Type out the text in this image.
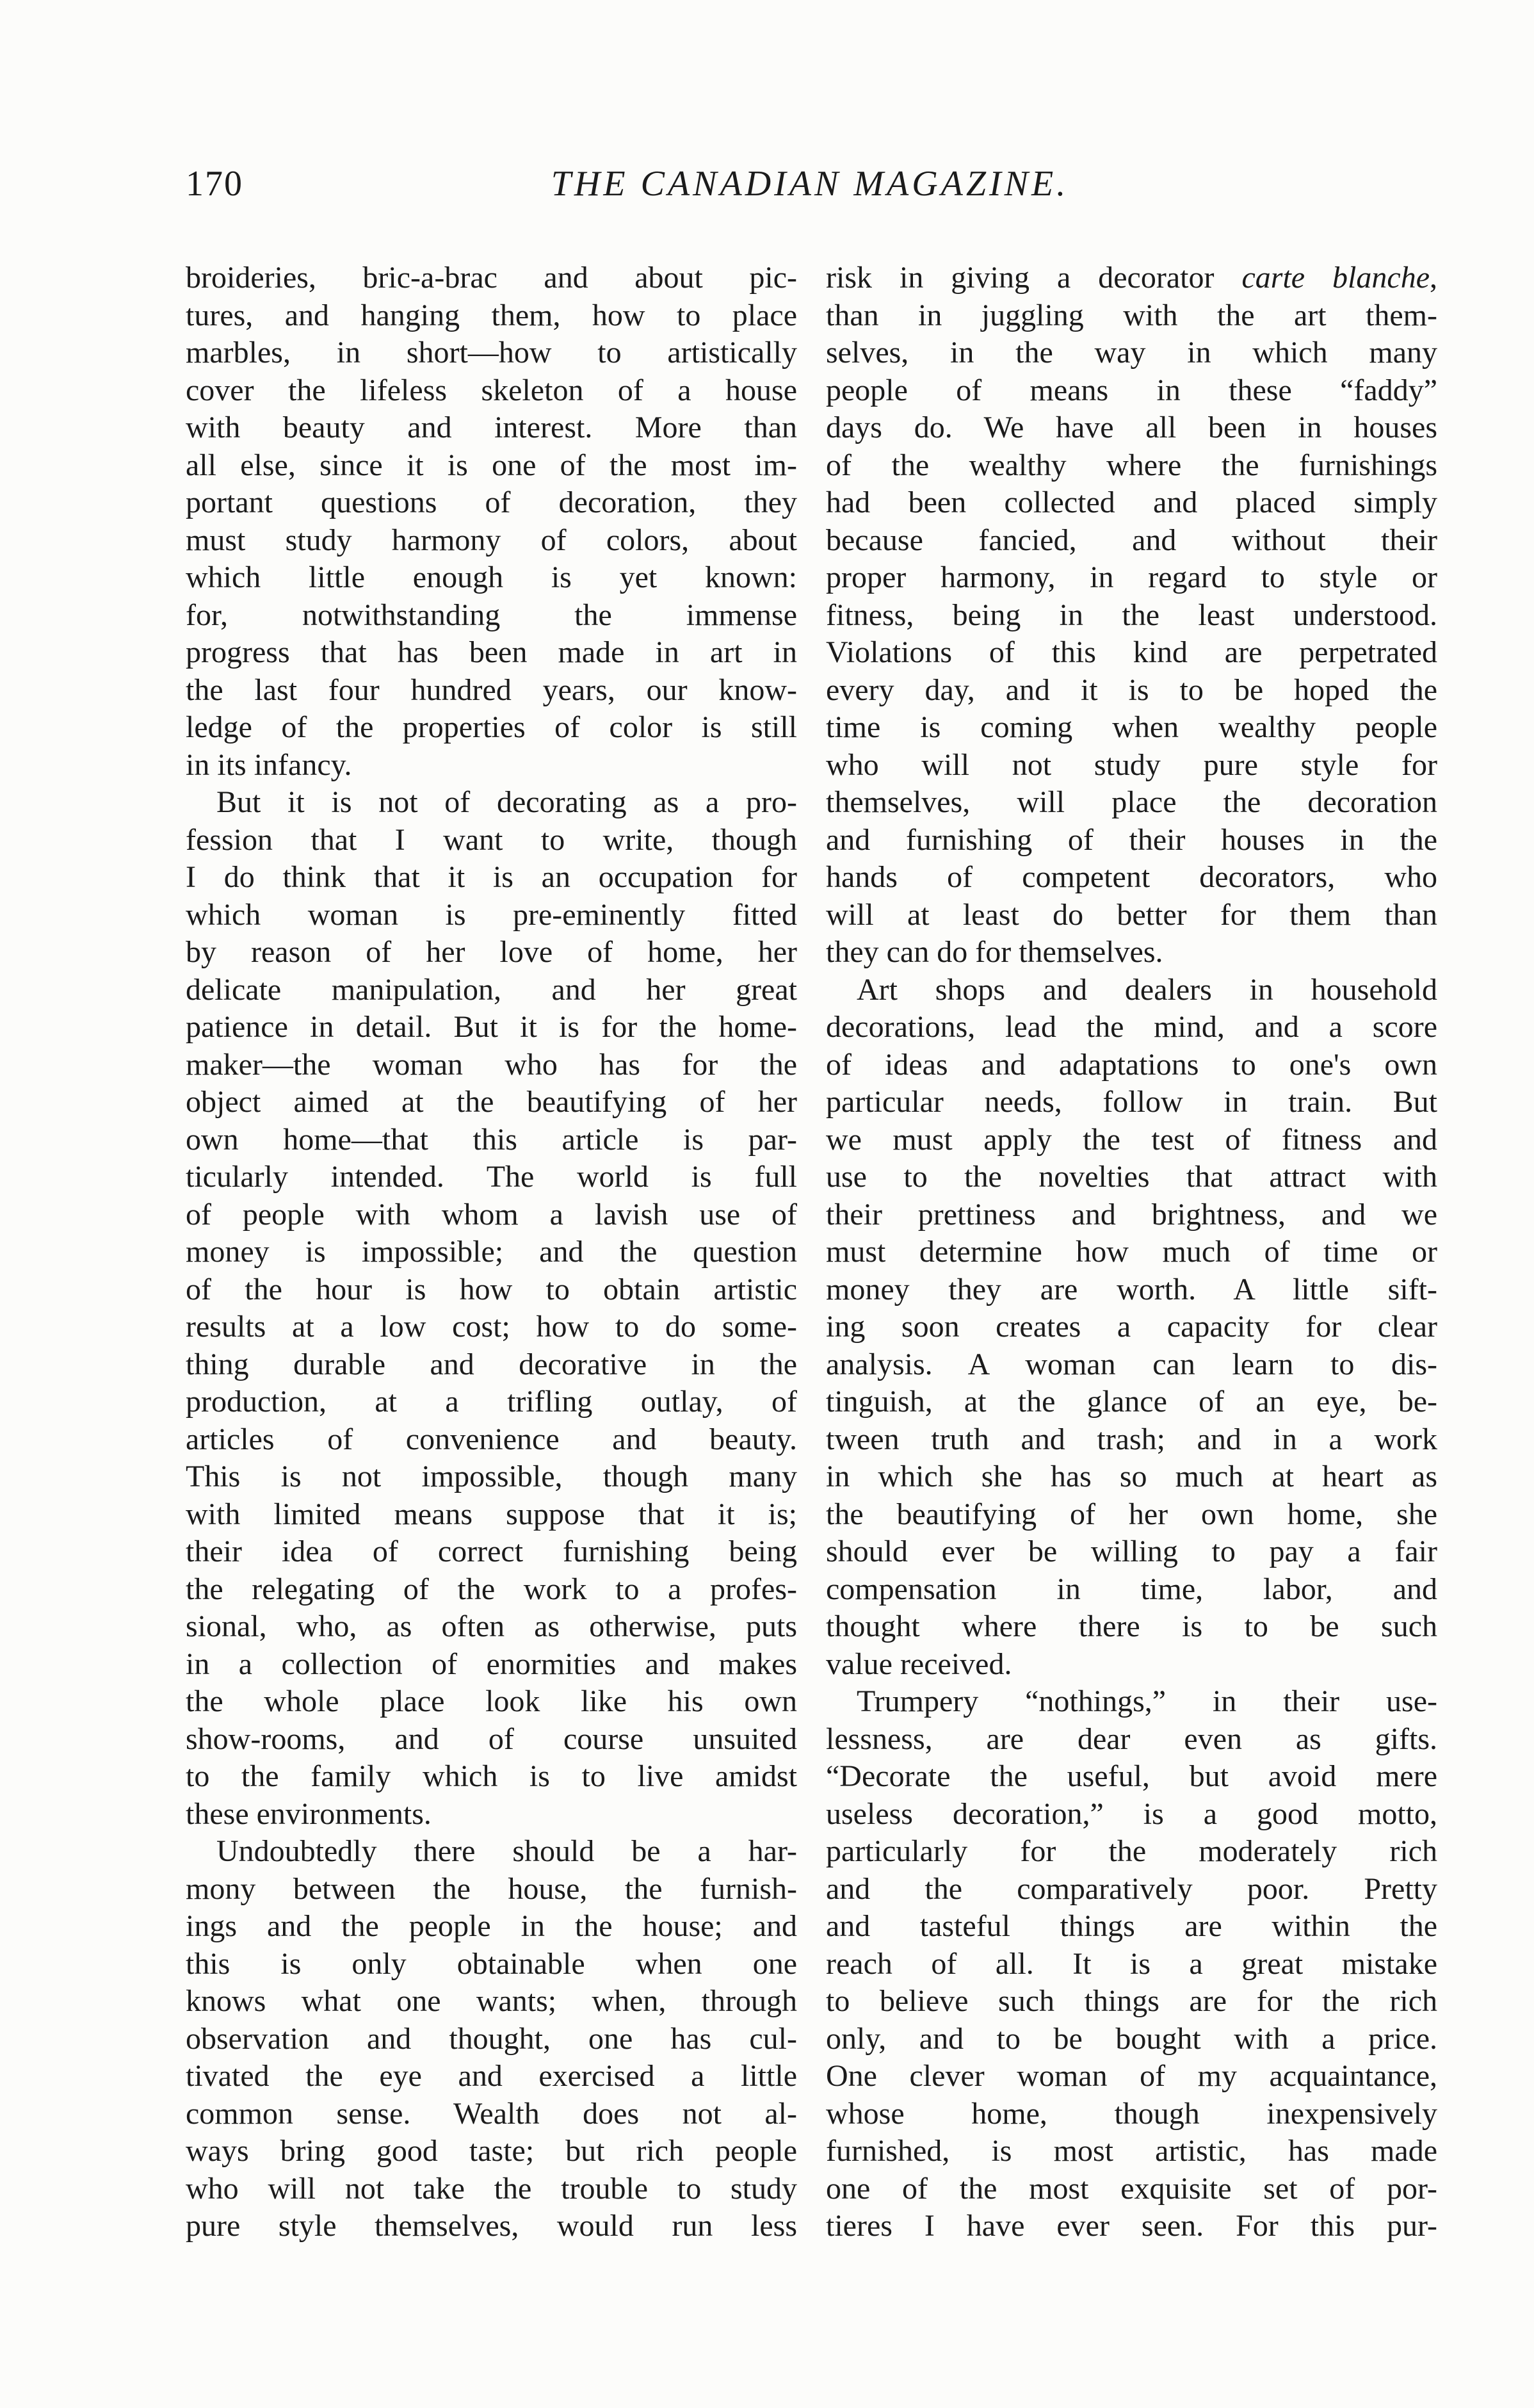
170	THE CANADIAN MAGAZINE.
broideries, bric-a-brac and about pic-
tures, and hanging them, how to place
marbles, in short—how to artistically
cover the lifeless skeleton of a house
with beauty and interest. More than
all else, since it is one of the most im-
portant questions of decoration, they
must study harmony of colors, about
which little enough is yet known:
for, notwithstanding the immense
progress that has been made in art in
the last four hundred years, our know-
ledge of the properties of color is still
in its infancy.
But it is not of decorating as a pro-
fession that I want to write, though
I do think that it is an occupation for
which woman is pre-eminently fitted
by reason of her love of home, her
delicate manipulation, and her great
patience in detail. But it is for the home-
maker—the woman who has for the
object aimed at the beautifying of her
own home—that this article is par-
ticularly intended. The world is full
of people with whom a lavish use of
money is impossible; and the question
of the hour is how to obtain artistic
results at a low cost; how to do some-
thing durable and decorative in the
production, at a trifling outlay, of
articles of convenience and beauty.
This is not impossible, though many
with limited means suppose that it is;
their idea of correct furnishing being
the relegating of the work to a profes-
sional, who, as often as otherwise, puts
in a collection of enormities and makes
the whole place look like his own
show-rooms, and of course unsuited
to the family which is to live amidst
these environments.
Undoubtedly there should be a har-
mony between the house, the furnish-
ings and the people in the house; and
this is only obtainable when one
knows what one wants; when, through
observation and thought, one has cul-
tivated the eye and exercised a little
common sense. Wealth does not al-
ways bring good taste; but rich people
who will not take the trouble to study
pure style themselves, would run less
risk in giving a decorator carte blanche,
than in juggling with the art them-
selves, in the way in which many
people of means in these “faddy”
days do. We have all been in houses
of the wealthy where the furnishings
had been collected and placed simply
because fancied, and without their
proper harmony, in regard to style or
fitness, being in the least understood.
Violations of this kind are perpetrated
every day, and it is to be hoped the
time is coming when wealthy people
who will not study pure style for
themselves, will place the decoration
and furnishing of their houses in the
hands of competent decorators, who
will at least do better for them than
they can do for themselves.
Art shops and dealers in household
decorations, lead the mind, and a score
of ideas and adaptations to one's own
particular needs, follow in train. But
we must apply the test of fitness and
use to the novelties that attract with
their prettiness and brightness, and we
must determine how much of time or
money they are worth. A little sift-
ing soon creates a capacity for clear
analysis. A woman can learn to dis-
tinguish, at the glance of an eye, be-
tween truth and trash; and in a work
in which she has so much at heart as
the beautifying of her own home, she
should ever be willing to pay a fair
compensation in time, labor, and
thought where there is to be such
value received.
Trumpery “nothings,” in their use-
lessness, are dear even as gifts.
“Decorate the useful, but avoid mere
useless decoration,” is a good motto,
particularly for the moderately rich
and the comparatively poor. Pretty
and tasteful things are within the
reach of all. It is a great mistake
to believe such things are for the rich
only, and to be bought with a price.
One clever woman of my acquaintance,
whose home, though inexpensively
furnished, is most artistic, has made
one of the most exquisite set of por-
tieres I have ever seen. For this pur-
